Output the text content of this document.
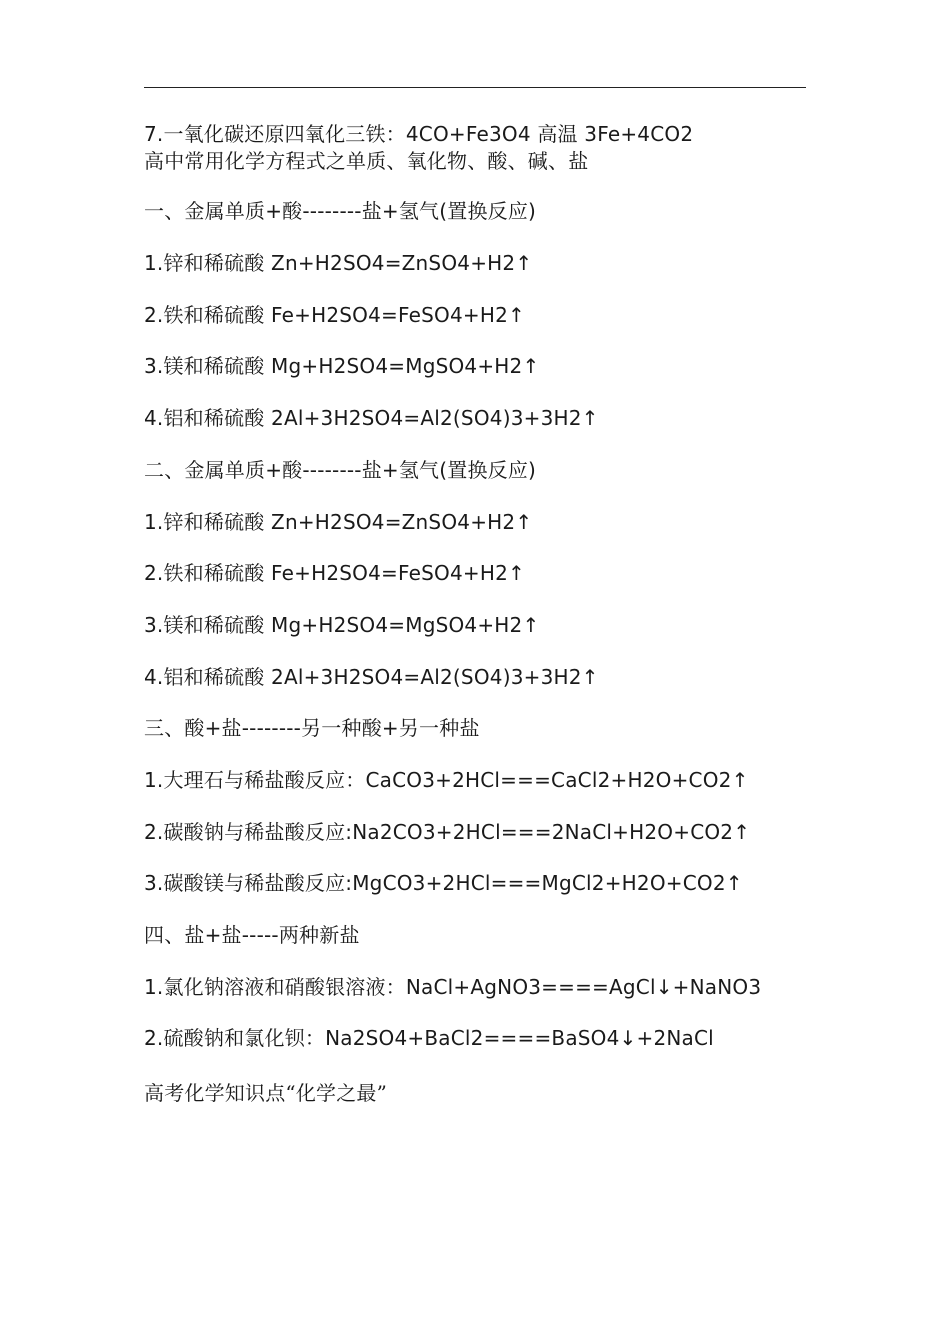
7.一氧化碳还原四氧化三铁：4CO+Fe3O4 高温 3Fe+4CO2
高中常用化学方程式之单质、氧化物、酸、碱、盐
一、金属单质+酸--------盐+氢气(置换反应)
1.锌和稀硫酸 Zn+H2SO4=ZnSO4+H2↑
2.铁和稀硫酸 Fe+H2SO4=FeSO4+H2↑
3.镁和稀硫酸 Mg+H2SO4=MgSO4+H2↑
4.铝和稀硫酸 2Al+3H2SO4=Al2(SO4)3+3H2↑
二、金属单质+酸--------盐+氢气(置换反应)
1.锌和稀硫酸 Zn+H2SO4=ZnSO4+H2↑
2.铁和稀硫酸 Fe+H2SO4=FeSO4+H2↑
3.镁和稀硫酸 Mg+H2SO4=MgSO4+H2↑
4.铝和稀硫酸 2Al+3H2SO4=Al2(SO4)3+3H2↑
三、酸+盐--------另一种酸+另一种盐
1.大理石与稀盐酸反应：CaCO3+2HCl===CaCl2+H2O+CO2↑
2.碳酸钠与稀盐酸反应:Na2CO3+2HCl===2NaCl+H2O+CO2↑
3.碳酸镁与稀盐酸反应:MgCO3+2HCl===MgCl2+H2O+CO2↑
四、盐+盐-----两种新盐
1.氯化钠溶液和硝酸银溶液：NaCl+AgNO3====AgCl↓+NaNO3
2.硫酸钠和氯化钡：Na2SO4+BaCl2====BaSO4↓+2NaCl
高考化学知识点“化学之最”
